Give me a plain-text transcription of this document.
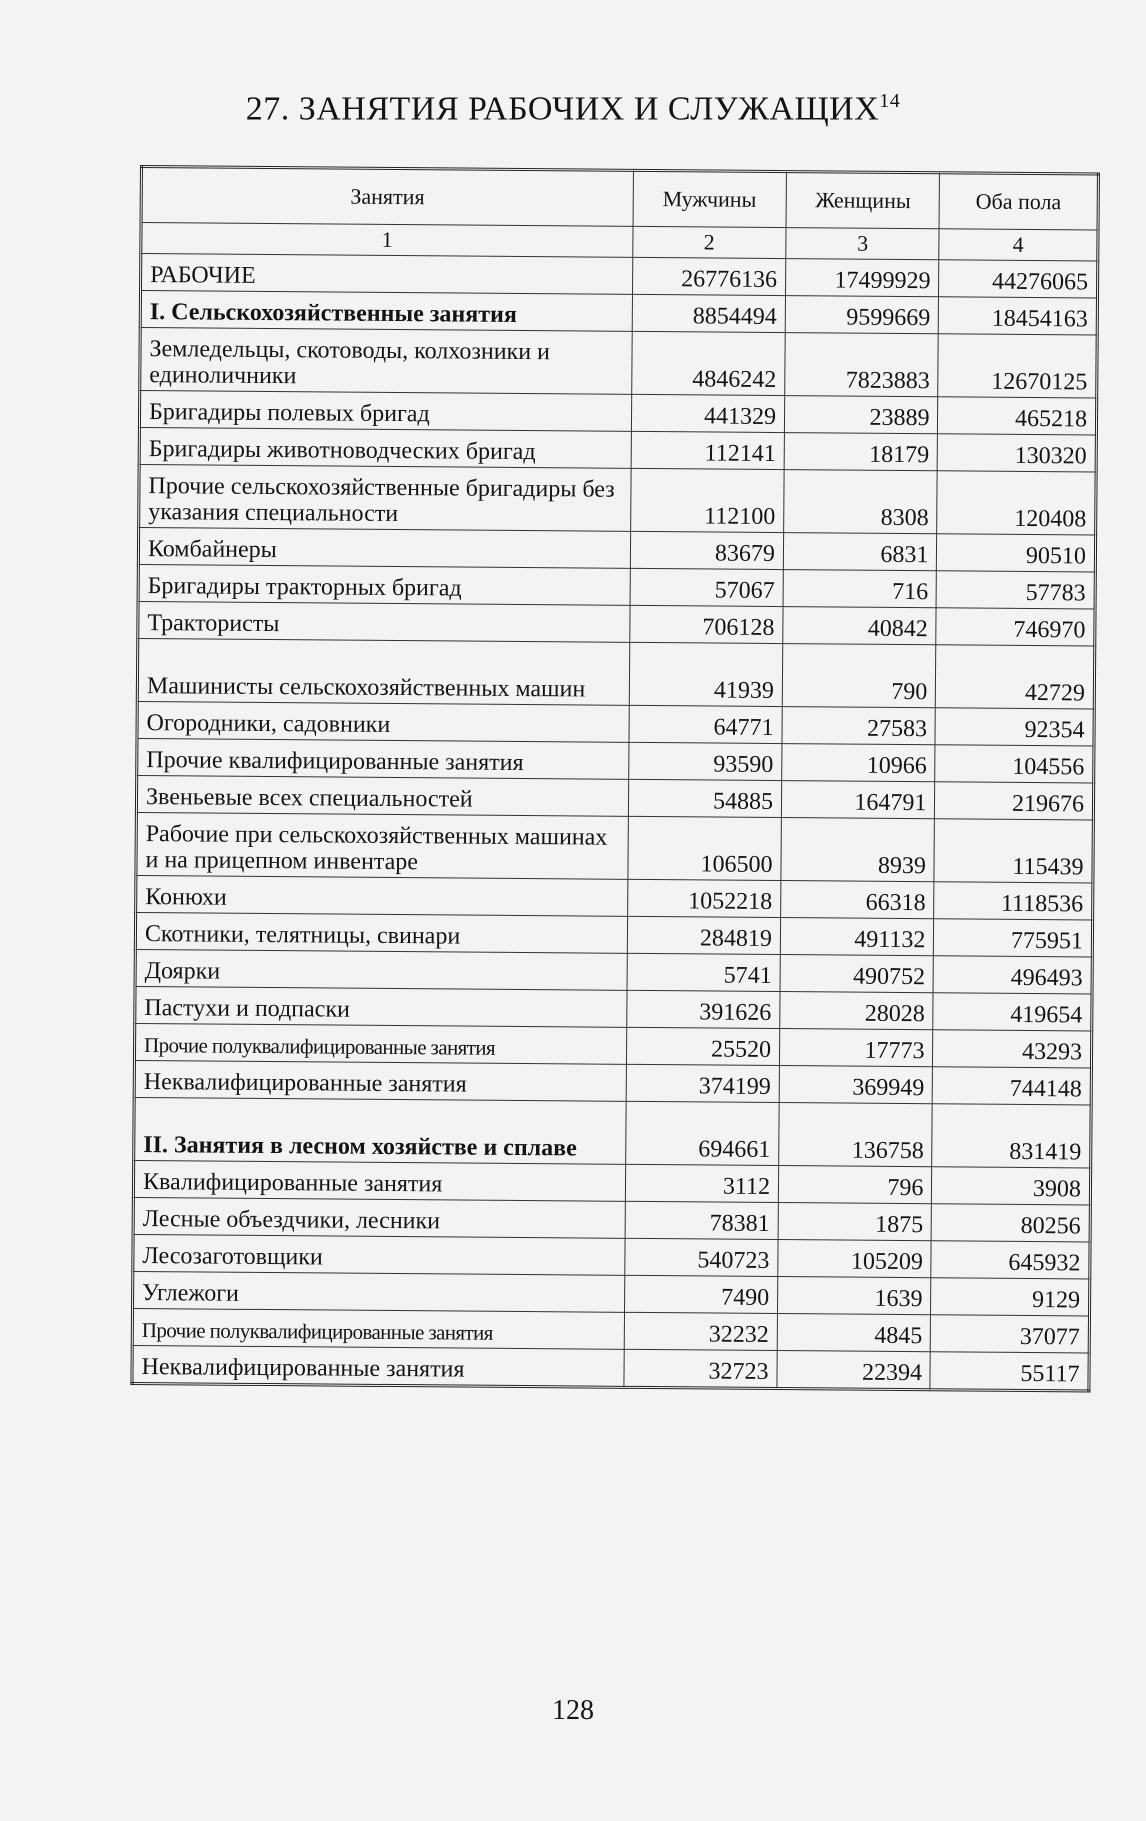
27. ЗАНЯТИЯ РАБОЧИХ И СЛУЖАЩИХ$^{14}$
Занятия	Мужчины	Женщины	Оба пола
1	2	3	4
РАБОЧИЕ	26776136	17499929	44276065
I. Сельскохозяйственные занятия	8854494	9599669	18454163
Земледельцы, скотоводы, колхозники и единоличники	4846242	7823883	12670125
Бригадиры полевых бригад	441329	23889	465218
Бригадиры животноводческих бригад	112141	18179	130320
Прочие сельскохозяйственные бригадиры без указания специальности	112100	8308	120408
Комбайнеры	83679	6831	90510
Бригадиры тракторных бригад	57067	716	57783
Трактористы	706128	40842	746970
Машинисты сельскохозяйственных машин	41939	790	42729
Огородники, садовники	64771	27583	92354
Прочие квалифицированные занятия	93590	10966	104556
Звеньевые всех специальностей	54885	164791	219676
Рабочие при сельскохозяйственных машинах и на прицепном инвентаре	106500	8939	115439
Конюхи	1052218	66318	1118536
Скотники, телятницы, свинари	284819	491132	775951
Доярки	5741	490752	496493
Пастухи и подпаски	391626	28028	419654
Прочие полуквалифицированные занятия	25520	17773	43293
Неквалифицированные занятия	374199	369949	744148
II. Занятия в лесном хозяйстве и сплаве	694661	136758	831419
Квалифицированные занятия	3112	796	3908
Лесные объездчики, лесники	78381	1875	80256
Лесозаготовщики	540723	105209	645932
Углежоги	7490	1639	9129
Прочие полуквалифицированные занятия	32232	4845	37077
Неквалифицированные занятия	32723	22394	55117
128
